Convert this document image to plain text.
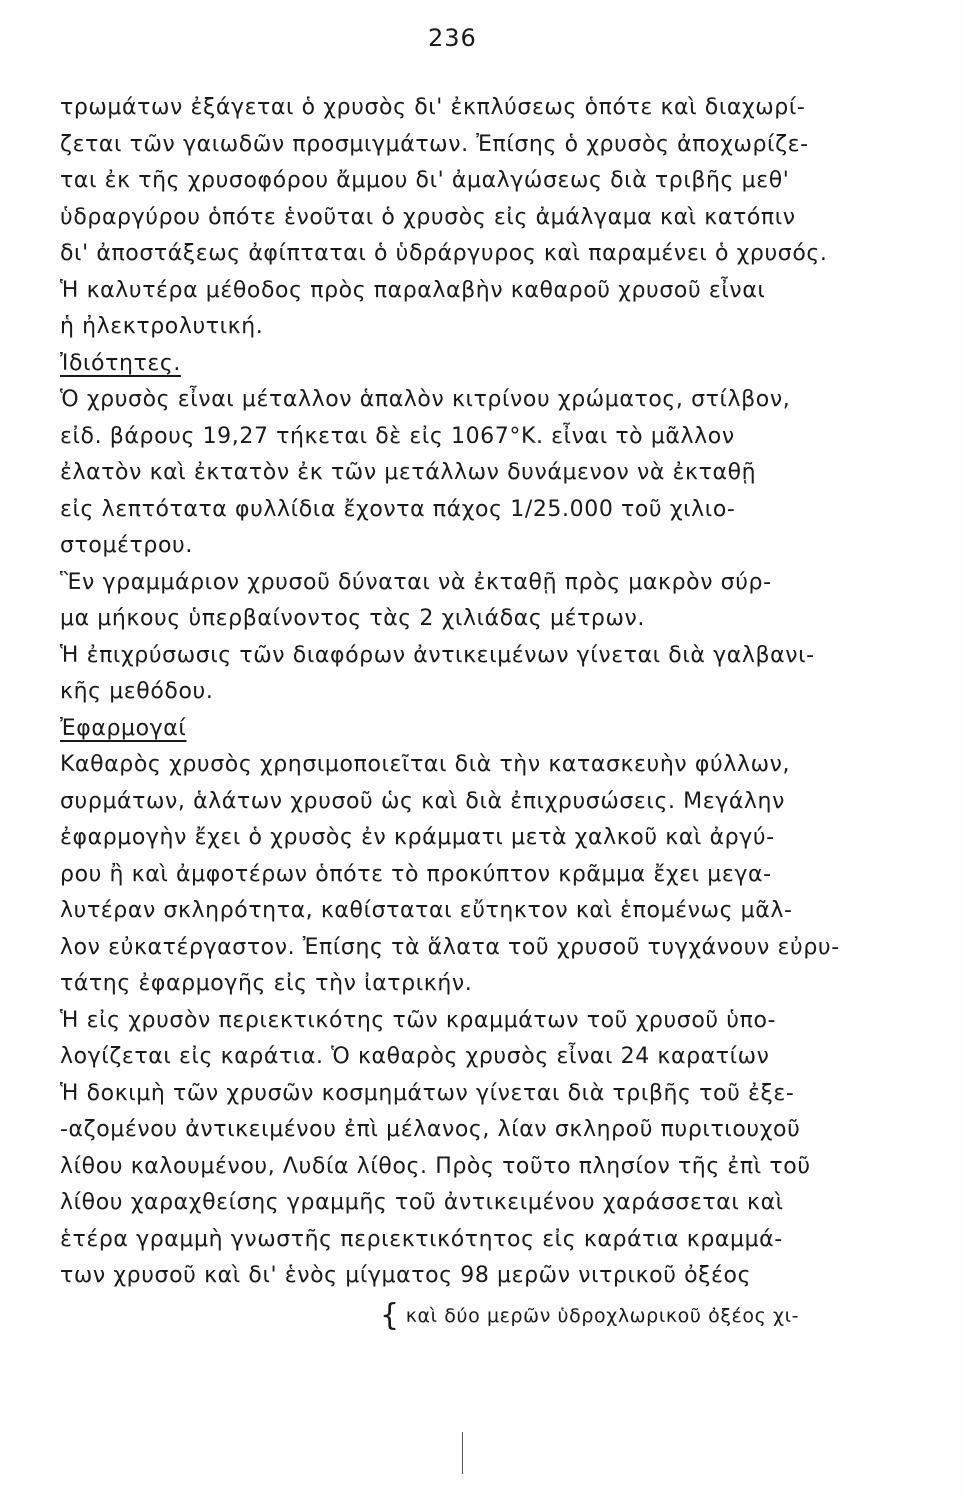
236
τρωμάτων ἐξάγεται ὁ χρυσὸς δι' ἐκπλύσεως ὁπότε καὶ διαχωρί-
ζεται τῶν γαιωδῶν προσμιγμάτων. Ἐπίσης ὁ χρυσὸς ἀποχωρίζε-
ται ἐκ τῆς χρυσοφόρου ἄμμου δι' ἀμαλγώσεως διὰ τριβῆς μεθ'
ὑδραργύρου ὁπότε ἑνοῦται ὁ χρυσὸς εἰς ἀμάλγαμα καὶ κατόπιν
δι' ἀποστάξεως ἀφίπταται ὁ ὑδράργυρος καὶ παραμένει ὁ χρυσός.
Ἡ καλυτέρα μέθοδος πρὸς παραλαβὴν καθαροῦ χρυσοῦ εἶναι
ἡ ἠλεκτρολυτική.
Ἰδιότητες.
Ὁ χρυσὸς εἶναι μέταλλον ἁπαλὸν κιτρίνου χρώματος, στίλβον,
εἰδ. βάρους 19,27 τήκεται δὲ εἰς 1067°Κ. εἶναι τὸ μᾶλλον
ἐλατὸν καὶ ἐκτατὸν ἐκ τῶν μετάλλων δυνάμενον νὰ ἐκταθῇ
εἰς λεπτότατα φυλλίδια ἔχοντα πάχος 1/25.000 τοῦ χιλιο-
στομέτρου.
Ἓν γραμμάριον χρυσοῦ δύναται νὰ ἐκταθῇ πρὸς μακρὸν σύρ-
μα μήκους ὑπερβαίνοντος τὰς 2 χιλιάδας μέτρων.
Ἡ ἐπιχρύσωσις τῶν διαφόρων ἀντικειμένων γίνεται διὰ γαλβανι-
κῆς μεθόδου.
Ἐφαρμογαί
Καθαρὸς χρυσὸς χρησιμοποιεῖται διὰ τὴν κατασκευὴν φύλλων,
συρμάτων, ἁλάτων χρυσοῦ ὡς καὶ διὰ ἐπιχρυσώσεις. Μεγάλην
ἐφαρμογὴν ἔχει ὁ χρυσὸς ἐν κράμματι μετὰ χαλκοῦ καὶ ἀργύ-
ρου ἢ καὶ ἀμφοτέρων ὁπότε τὸ προκύπτον κρᾶμμα ἔχει μεγα-
λυτέραν σκληρότητα, καθίσταται εὔτηκτον καὶ ἑπομένως μᾶλ-
λον εὐκατέργαστον. Ἐπίσης τὰ ἅλατα τοῦ χρυσοῦ τυγχάνουν εὐρυ-
τάτης ἐφαρμογῆς εἰς τὴν ἰατρικήν.
Ἡ εἰς χρυσὸν περιεκτικότης τῶν κραμμάτων τοῦ χρυσοῦ ὑπο-
λογίζεται εἰς καράτια. Ὁ καθαρὸς χρυσὸς εἶναι 24 καρατίων
Ἡ δοκιμὴ τῶν χρυσῶν κοσμημάτων γίνεται διὰ τριβῆς τοῦ ἐξε-
-αζομένου ἀντικειμένου ἐπὶ μέλανος, λίαν σκληροῦ πυριτιουχοῦ
λίθου καλουμένου, Λυδία λίθος. Πρὸς τοῦτο πλησίον τῆς ἐπὶ τοῦ
λίθου χαραχθείσης γραμμῆς τοῦ ἀντικειμένου χαράσσεται καὶ
ἑτέρα γραμμὴ γνωστῆς περιεκτικότητος εἰς καράτια κραμμά-
των χρυσοῦ καὶ δι' ἑνὸς μίγματος 98 μερῶν νιτρικοῦ ὀξέος
{ καὶ δύο μερῶν ὑδροχλωρικοῦ ὀξέος χι-
